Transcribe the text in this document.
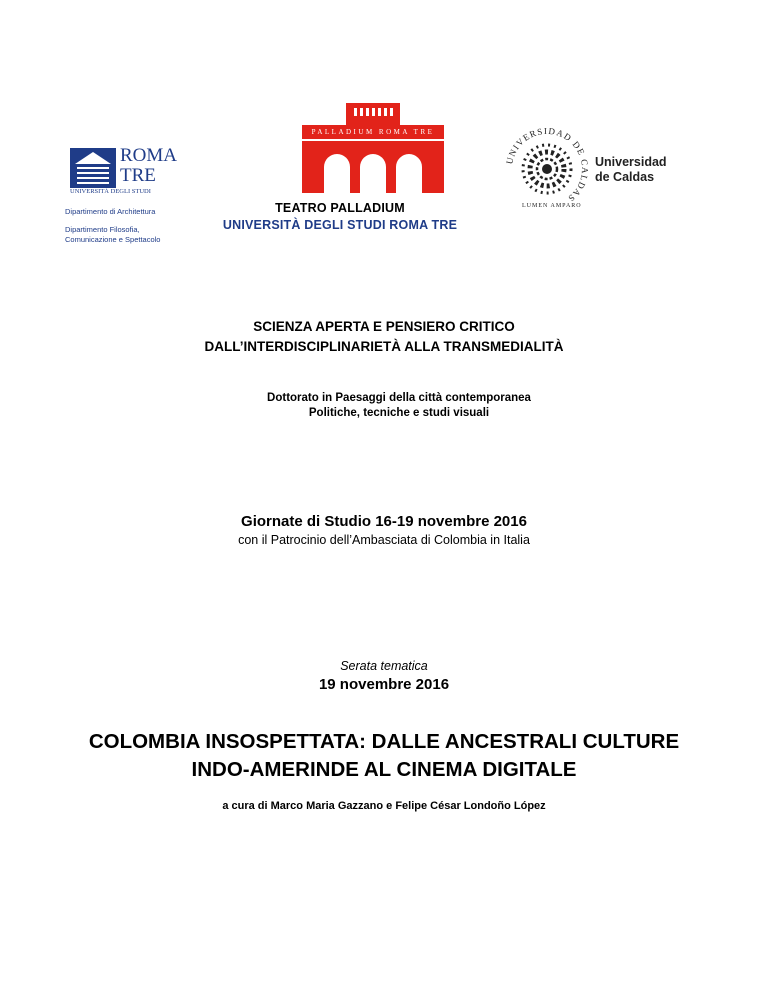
ROMA
TRE
UNIVERSITÀ DEGLI STUDI
Dipartimento di Architettura
Dipartimento Filosofia,
Comunicazione e Spettacolo
PALLADIUM ROMA TRE
TEATRO PALLADIUM
UNIVERSITÀ DEGLI STUDI ROMA TRE
UNIVERSIDAD DE CALDAS
LUMEN AMPARO
Universidad
de Caldas
SCIENZA APERTA E PENSIERO CRITICO
DALL’INTERDISCIPLINARIETÀ ALLA TRANSMEDIALITÀ
Dottorato in Paesaggi della città contemporanea
Politiche, tecniche e studi visuali
Giornate di Studio 16-19 novembre 2016
con il Patrocinio dell’Ambasciata di Colombia in Italia
Serata tematica
19 novembre 2016
COLOMBIA INSOSPETTATA: DALLE ANCESTRALI CULTURE
INDO-AMERINDE AL CINEMA DIGITALE
a cura di Marco Maria Gazzano e Felipe César Londoño López
